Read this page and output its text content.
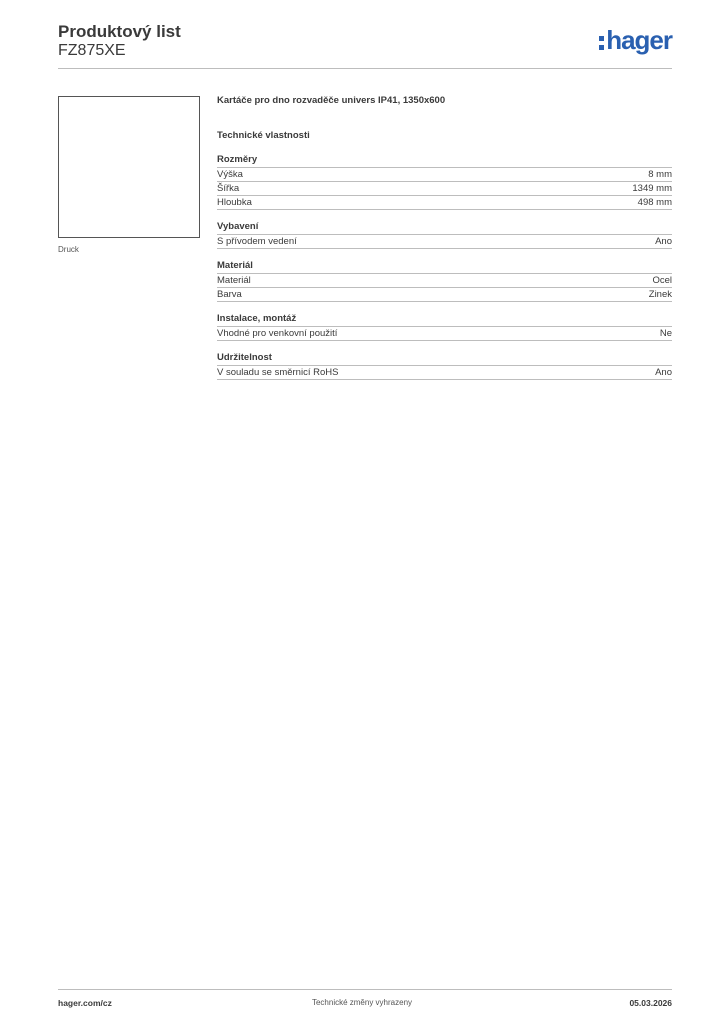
Produktový list
FZ875XE	hager
Druck
Kartáče pro dno rozvaděče univers IP41, 1350x600
Technické vlastnosti
Rozměry
Výška	8 mm
Šířka	1349 mm
Hloubka	498 mm
Vybavení
S přívodem vedení	Ano
Materiál
Materiál	Ocel
Barva	Zinek
Instalace, montáž
Vhodné pro venkovní použití	Ne
Udržitelnost
V souladu se směrnicí RoHS	Ano
hager.com/cz	Technické změny vyhrazeny	05.03.2026
